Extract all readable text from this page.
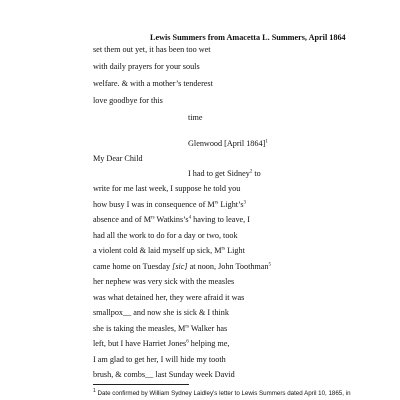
Lewis Summers from Amacetta L. Summers, April 1864
set them out yet, it has been too wet
with daily prayers for your souls
welfare. & with a mother’s tenderest
love goodbye for this
time
Glenwood [April 1864]$^1$
My Dear Child
I had to get Sidney$^2$ to
write for me last week, I suppose he told you
how busy I was in consequence of $M^{rs}$ $Light’s^3$
absence and of $M^{rs}$ $Watkins’s^4$ having to leave, I
had all the work to do for a day or two, took
a violent cold & laid myself up sick, $M^{rs}$ Light
came home on Tuesday [sic] at noon, John Toothman$^5$
her nephew was very sick with the measles
was what detained her, they were afraid it was
smallpox__ and now she is sick & I think
she is taking the measles, $M^{rs}$ Walker has
left, but I have Harriet Jones$^6$ helping me,
I am glad to get her, I will hide my tooth
brush, & combs__ last Sunday week David
$^1$ Date confirmed by William Sydney Laidley’s letter to Lewis Summers dated April 10, 1865, in
